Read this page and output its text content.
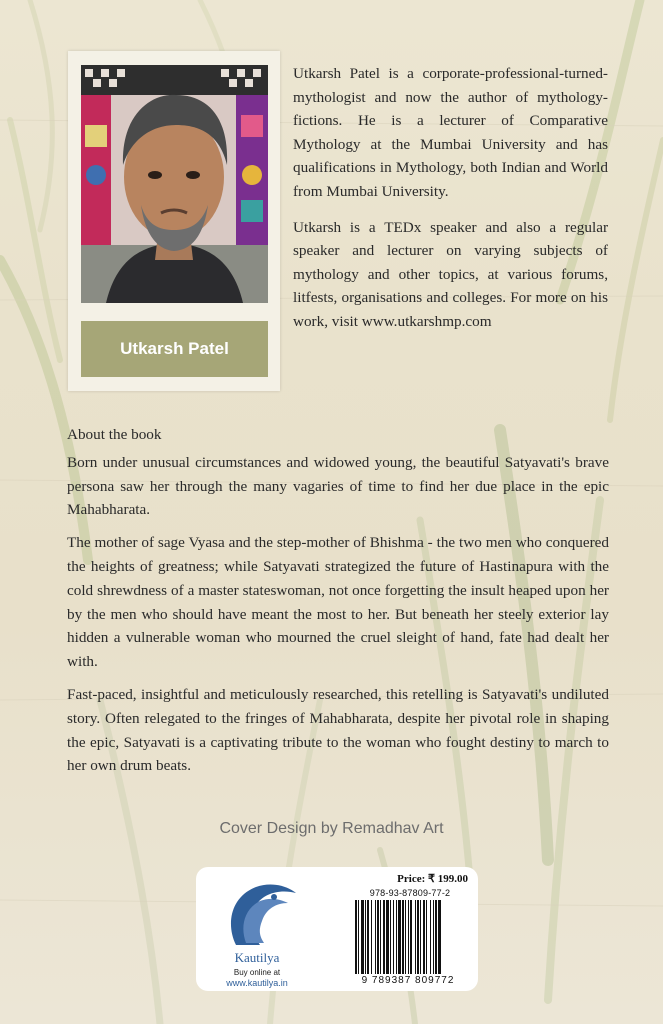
Utkarsh Patel

Utkarsh Patel is a corporate-professional-turned-mythologist and now the author of mythology-fictions. He is a lecturer of Comparative Mythology at the Mumbai University and has qualifications in Mythology, both Indian and World from Mumbai University.

Utkarsh is a TEDx speaker and also a regular speaker and lecturer on varying subjects of mythology and other topics, at various forums, litfests, organisations and colleges. For more on his work, visit www.utkarshmp.com

About the book

Born under unusual circumstances and widowed young, the beautiful Satyavati's brave persona saw her through the many vagaries of time to find her due place in the epic Mahabharata.

The mother of sage Vyasa and the step-mother of Bhishma - the two men who conquered the heights of greatness; while Satyavati strategized the future of Hastinapura with the cold shrewdness of a master stateswoman, not once forgetting the insult heaped upon her by the men who should have meant the most to her. But beneath her steely exterior lay hidden a vulnerable woman who mourned the cruel sleight of hand, fate had dealt her with.

Fast-paced, insightful and meticulously researched, this retelling is Satyavati's undiluted story. Often relegated to the fringes of Mahabharata, despite her pivotal role in shaping the epic, Satyavati is a captivating tribute to the woman who fought destiny to march to her own drum beats.

Cover Design by Remadhav Art
Kautilya
Buy online at
www.kautilya.in
Price: ₹ 199.00
978-93-87809-77-2
9 789387 809772
